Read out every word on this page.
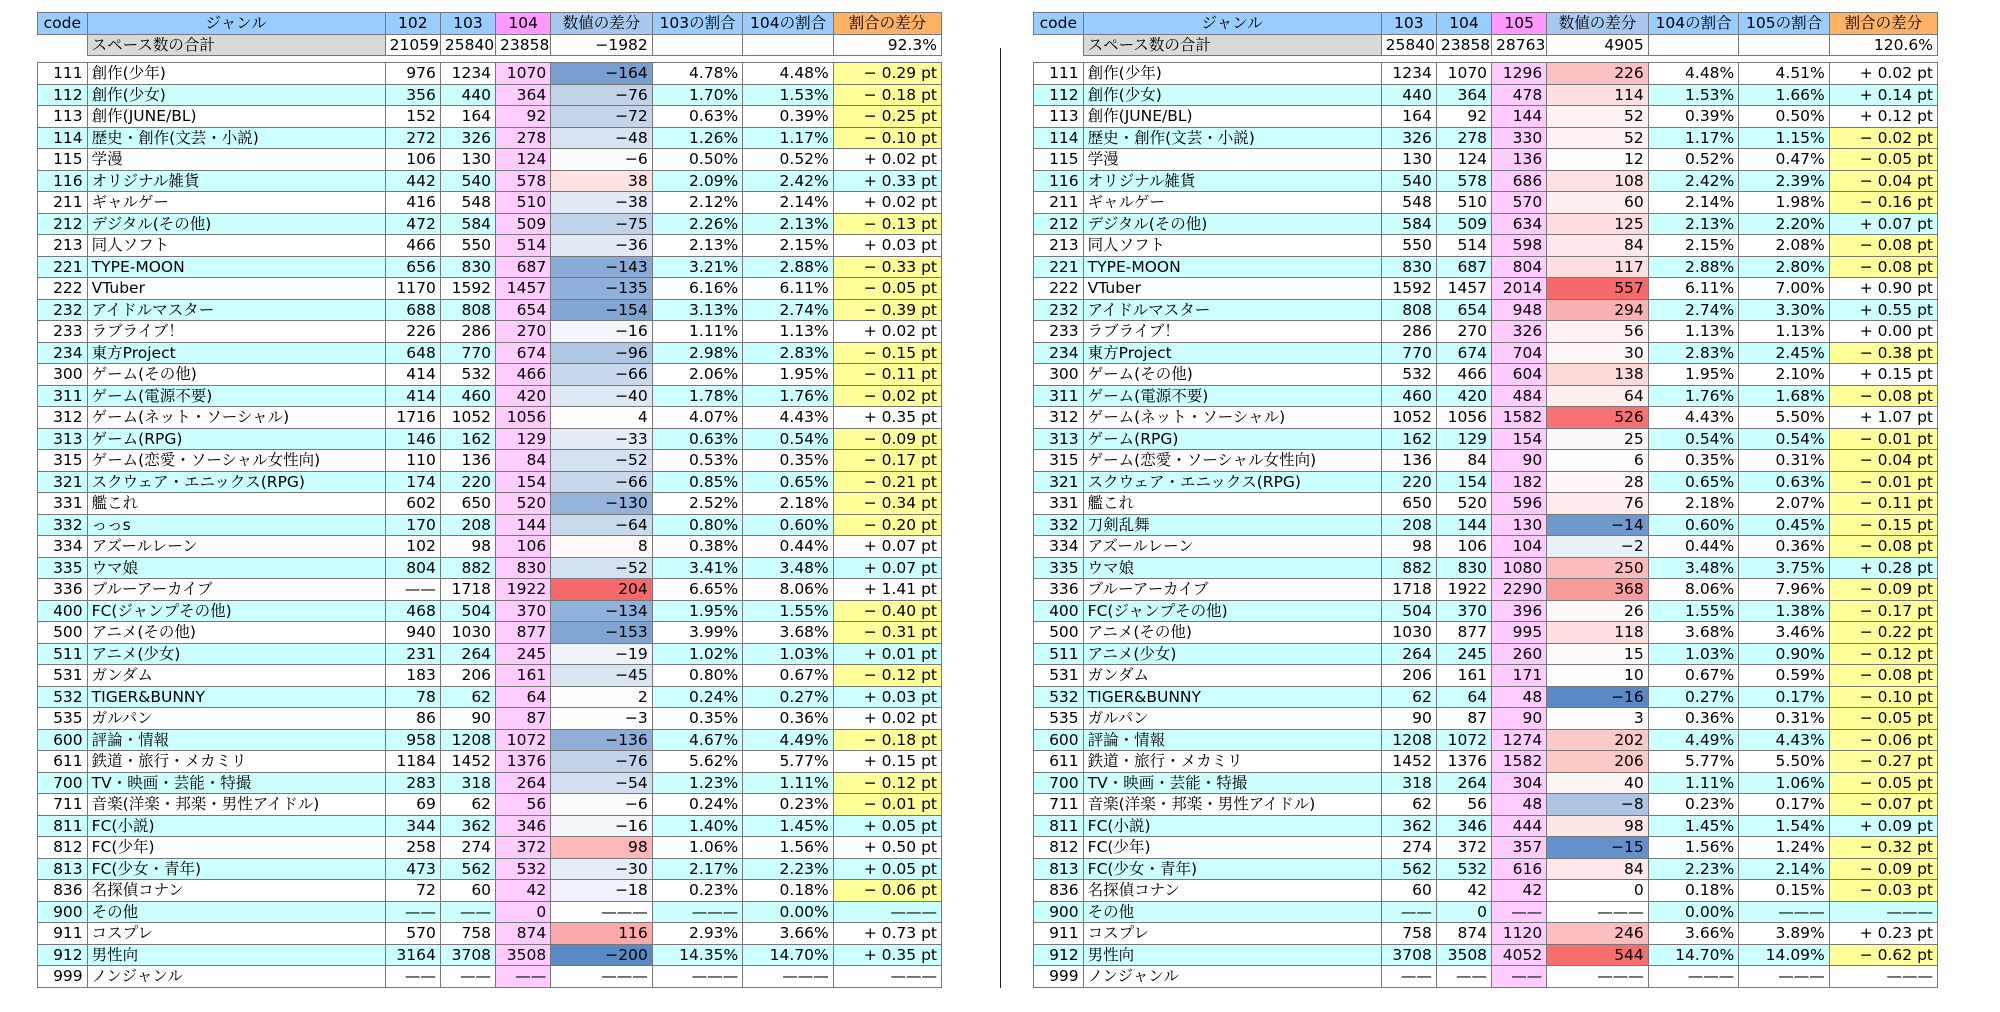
	スペース数の合計	21059	25840	23858	−1982			92.3%

code	ジャンル	102	103	104	数値の差分	103の割合	104の割合	割合の差分
111	創作(少年)	976	1234	1070	−164	4.78%	4.48%	− 0.29 pt
112	創作(少女)	356	440	364	−76	1.70%	1.53%	− 0.18 pt
113	創作(JUNE/BL)	152	164	92	−72	0.63%	0.39%	− 0.25 pt
114	歴史・創作(文芸・小説)	272	326	278	−48	1.26%	1.17%	− 0.10 pt
115	学漫	106	130	124	−6	0.50%	0.52%	+ 0.02 pt
116	オリジナル雑貨	442	540	578	38	2.09%	2.42%	+ 0.33 pt
211	ギャルゲー	416	548	510	−38	2.12%	2.14%	+ 0.02 pt
212	デジタル(その他)	472	584	509	−75	2.26%	2.13%	− 0.13 pt
213	同人ソフト	466	550	514	−36	2.13%	2.15%	+ 0.03 pt
221	TYPE-MOON	656	830	687	−143	3.21%	2.88%	− 0.33 pt
222	VTuber	1170	1592	1457	−135	6.16%	6.11%	− 0.05 pt
232	アイドルマスター	688	808	654	−154	3.13%	2.74%	− 0.39 pt
233	ラブライブ！	226	286	270	−16	1.11%	1.13%	+ 0.02 pt
234	東方Project	648	770	674	−96	2.98%	2.83%	− 0.15 pt
300	ゲーム(その他)	414	532	466	−66	2.06%	1.95%	− 0.11 pt
311	ゲーム(電源不要)	414	460	420	−40	1.78%	1.76%	− 0.02 pt
312	ゲーム(ネット・ソーシャル)	1716	1052	1056	4	4.07%	4.43%	+ 0.35 pt
313	ゲーム(RPG)	146	162	129	−33	0.63%	0.54%	− 0.09 pt
315	ゲーム(恋愛・ソーシャル女性向)	110	136	84	−52	0.53%	0.35%	− 0.17 pt
321	スクウェア・エニックス(RPG)	174	220	154	−66	0.85%	0.65%	− 0.21 pt
331	艦これ	602	650	520	−130	2.52%	2.18%	− 0.34 pt
332	っっs	170	208	144	−64	0.80%	0.60%	− 0.20 pt
334	アズールレーン	102	98	106	8	0.38%	0.44%	+ 0.07 pt
335	ウマ娘	804	882	830	−52	3.41%	3.48%	+ 0.07 pt
336	ブルーアーカイブ	——	1718	1922	204	6.65%	8.06%	+ 1.41 pt
400	FC(ジャンプその他)	468	504	370	−134	1.95%	1.55%	− 0.40 pt
500	アニメ(その他)	940	1030	877	−153	3.99%	3.68%	− 0.31 pt
511	アニメ(少女)	231	264	245	−19	1.02%	1.03%	+ 0.01 pt
531	ガンダム	183	206	161	−45	0.80%	0.67%	− 0.12 pt
532	TIGER&BUNNY	78	62	64	2	0.24%	0.27%	+ 0.03 pt
535	ガルパン	86	90	87	−3	0.35%	0.36%	+ 0.02 pt
600	評論・情報	958	1208	1072	−136	4.67%	4.49%	− 0.18 pt
611	鉄道・旅行・メカミリ	1184	1452	1376	−76	5.62%	5.77%	+ 0.15 pt
700	TV・映画・芸能・特撮	283	318	264	−54	1.23%	1.11%	− 0.12 pt
711	音楽(洋楽・邦楽・男性アイドル)	69	62	56	−6	0.24%	0.23%	− 0.01 pt
811	FC(小説)	344	362	346	−16	1.40%	1.45%	+ 0.05 pt
812	FC(少年)	258	274	372	98	1.06%	1.56%	+ 0.50 pt
813	FC(少女・青年)	473	562	532	−30	2.17%	2.23%	+ 0.05 pt
836	名探偵コナン	72	60	42	−18	0.23%	0.18%	− 0.06 pt
900	その他	——	——	0	———	———	0.00%	———
911	コスプレ	570	758	874	116	2.93%	3.66%	+ 0.73 pt
912	男性向	3164	3708	3508	−200	14.35%	14.70%	+ 0.35 pt
999	ノンジャンル	——	——	——	———	———	———	———
	スペース数の合計	25840	23858	28763	4905			120.6%

code	ジャンル	103	104	105	数値の差分	104の割合	105の割合	割合の差分
111	創作(少年)	1234	1070	1296	226	4.48%	4.51%	+ 0.02 pt
112	創作(少女)	440	364	478	114	1.53%	1.66%	+ 0.14 pt
113	創作(JUNE/BL)	164	92	144	52	0.39%	0.50%	+ 0.12 pt
114	歴史・創作(文芸・小説)	326	278	330	52	1.17%	1.15%	− 0.02 pt
115	学漫	130	124	136	12	0.52%	0.47%	− 0.05 pt
116	オリジナル雑貨	540	578	686	108	2.42%	2.39%	− 0.04 pt
211	ギャルゲー	548	510	570	60	2.14%	1.98%	− 0.16 pt
212	デジタル(その他)	584	509	634	125	2.13%	2.20%	+ 0.07 pt
213	同人ソフト	550	514	598	84	2.15%	2.08%	− 0.08 pt
221	TYPE-MOON	830	687	804	117	2.88%	2.80%	− 0.08 pt
222	VTuber	1592	1457	2014	557	6.11%	7.00%	+ 0.90 pt
232	アイドルマスター	808	654	948	294	2.74%	3.30%	+ 0.55 pt
233	ラブライブ！	286	270	326	56	1.13%	1.13%	+ 0.00 pt
234	東方Project	770	674	704	30	2.83%	2.45%	− 0.38 pt
300	ゲーム(その他)	532	466	604	138	1.95%	2.10%	+ 0.15 pt
311	ゲーム(電源不要)	460	420	484	64	1.76%	1.68%	− 0.08 pt
312	ゲーム(ネット・ソーシャル)	1052	1056	1582	526	4.43%	5.50%	+ 1.07 pt
313	ゲーム(RPG)	162	129	154	25	0.54%	0.54%	− 0.01 pt
315	ゲーム(恋愛・ソーシャル女性向)	136	84	90	6	0.35%	0.31%	− 0.04 pt
321	スクウェア・エニックス(RPG)	220	154	182	28	0.65%	0.63%	− 0.01 pt
331	艦これ	650	520	596	76	2.18%	2.07%	− 0.11 pt
332	刀剣乱舞	208	144	130	−14	0.60%	0.45%	− 0.15 pt
334	アズールレーン	98	106	104	−2	0.44%	0.36%	− 0.08 pt
335	ウマ娘	882	830	1080	250	3.48%	3.75%	+ 0.28 pt
336	ブルーアーカイブ	1718	1922	2290	368	8.06%	7.96%	− 0.09 pt
400	FC(ジャンプその他)	504	370	396	26	1.55%	1.38%	− 0.17 pt
500	アニメ(その他)	1030	877	995	118	3.68%	3.46%	− 0.22 pt
511	アニメ(少女)	264	245	260	15	1.03%	0.90%	− 0.12 pt
531	ガンダム	206	161	171	10	0.67%	0.59%	− 0.08 pt
532	TIGER&BUNNY	62	64	48	−16	0.27%	0.17%	− 0.10 pt
535	ガルパン	90	87	90	3	0.36%	0.31%	− 0.05 pt
600	評論・情報	1208	1072	1274	202	4.49%	4.43%	− 0.06 pt
611	鉄道・旅行・メカミリ	1452	1376	1582	206	5.77%	5.50%	− 0.27 pt
700	TV・映画・芸能・特撮	318	264	304	40	1.11%	1.06%	− 0.05 pt
711	音楽(洋楽・邦楽・男性アイドル)	62	56	48	−8	0.23%	0.17%	− 0.07 pt
811	FC(小説)	362	346	444	98	1.45%	1.54%	+ 0.09 pt
812	FC(少年)	274	372	357	−15	1.56%	1.24%	− 0.32 pt
813	FC(少女・青年)	562	532	616	84	2.23%	2.14%	− 0.09 pt
836	名探偵コナン	60	42	42	0	0.18%	0.15%	− 0.03 pt
900	その他	——	0	——	———	0.00%	———	———
911	コスプレ	758	874	1120	246	3.66%	3.89%	+ 0.23 pt
912	男性向	3708	3508	4052	544	14.70%	14.09%	− 0.62 pt
999	ノンジャンル	——	——	——	———	———	———	———
